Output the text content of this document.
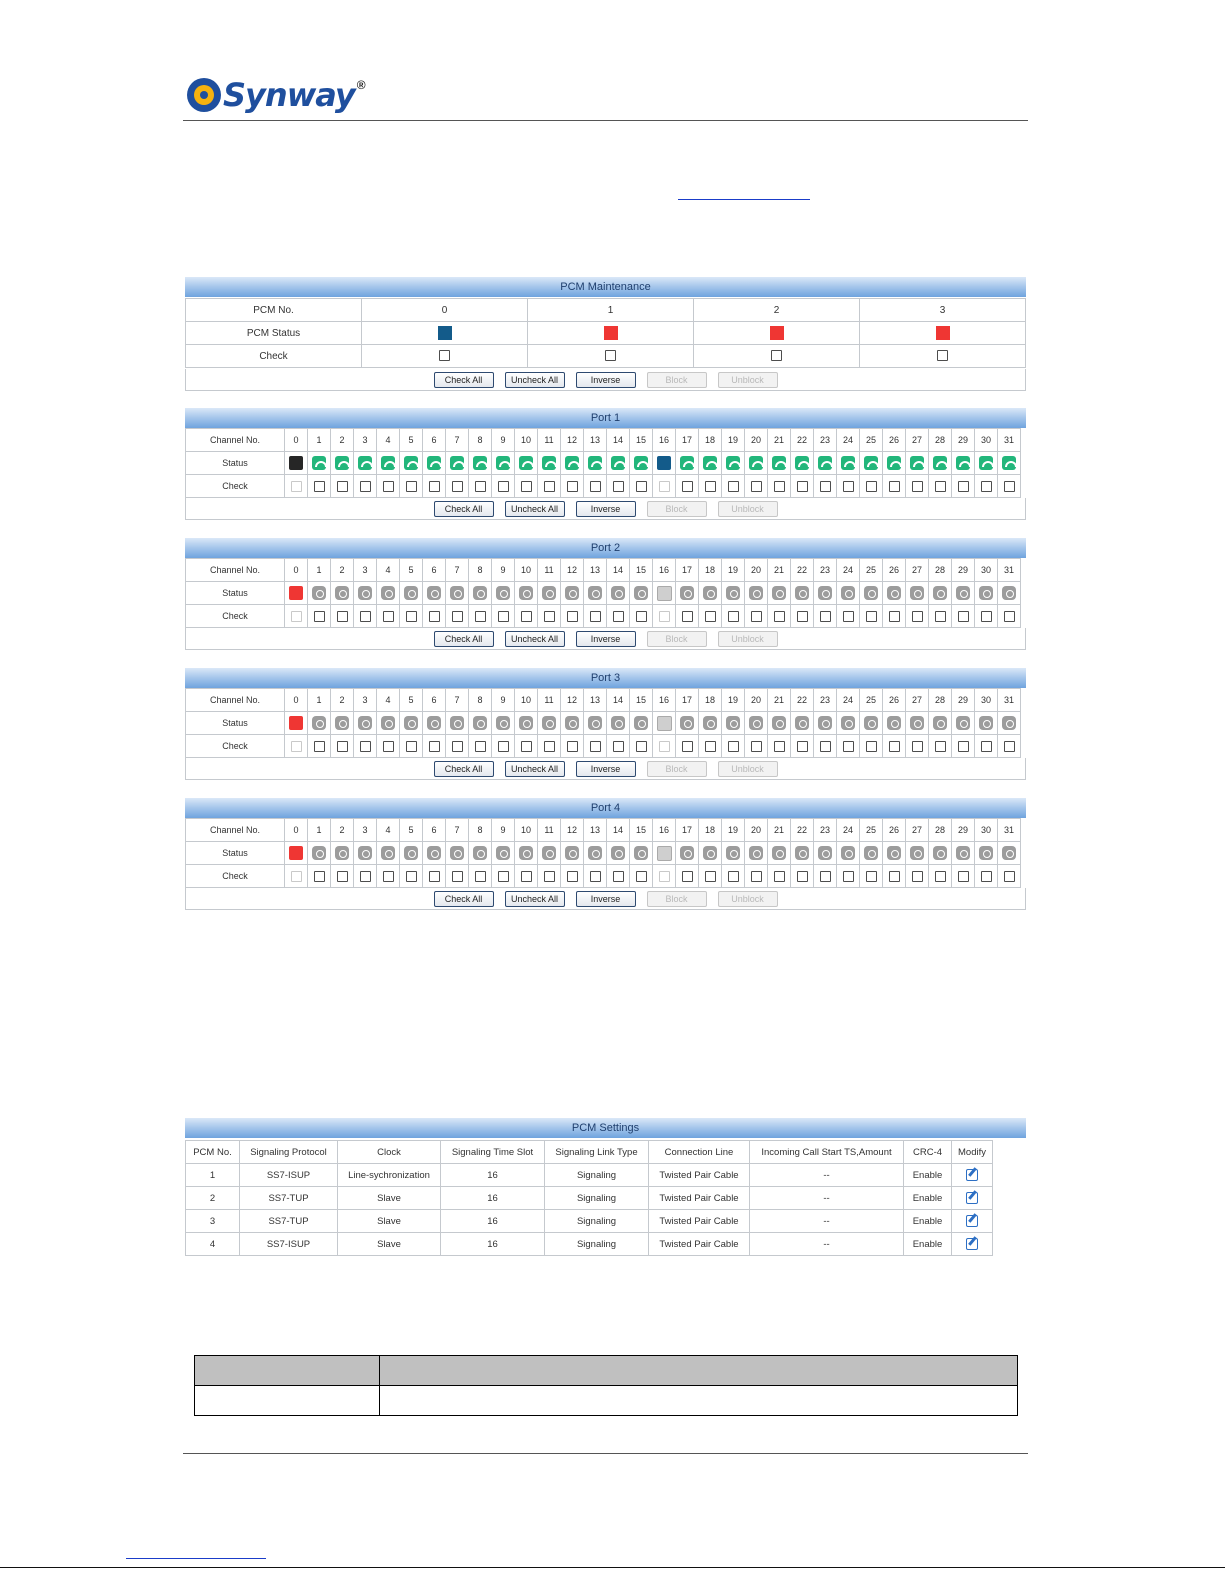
Synway ®
PCM Maintenance
PCM No.	0	1	2	3
PCM Status				
Check				
Check All	Uncheck All	Inverse	Block	Unblock
Port 1
Channel No.	0	1	2	3	4	5	6	7	8	9	10	11	12	13	14	15	16	17	18	19	20	21	22	23	24	25	26	27	28	29	30	31
Status																																
Check																																
Check All	Uncheck All	Inverse	Block	Unblock
Port 2
Channel No.	0	1	2	3	4	5	6	7	8	9	10	11	12	13	14	15	16	17	18	19	20	21	22	23	24	25	26	27	28	29	30	31
Status																																
Check																																
Check All	Uncheck All	Inverse	Block	Unblock
Port 3
Channel No.	0	1	2	3	4	5	6	7	8	9	10	11	12	13	14	15	16	17	18	19	20	21	22	23	24	25	26	27	28	29	30	31
Status																																
Check																																
Check All	Uncheck All	Inverse	Block	Unblock
Port 4
Channel No.	0	1	2	3	4	5	6	7	8	9	10	11	12	13	14	15	16	17	18	19	20	21	22	23	24	25	26	27	28	29	30	31
Status																																
Check																																
Check All	Uncheck All	Inverse	Block	Unblock
PCM Settings
PCM No.	Signaling Protocol	Clock	Signaling Time Slot	Signaling Link Type	Connection Line	Incoming Call Start TS,Amount	CRC-4	Modify
1	SS7-ISUP	Line-sychronization	16	Signaling	Twisted Pair Cable	--	Enable	
2	SS7-TUP	Slave	16	Signaling	Twisted Pair Cable	--	Enable	
3	SS7-TUP	Slave	16	Signaling	Twisted Pair Cable	--	Enable	
4	SS7-ISUP	Slave	16	Signaling	Twisted Pair Cable	--	Enable	
